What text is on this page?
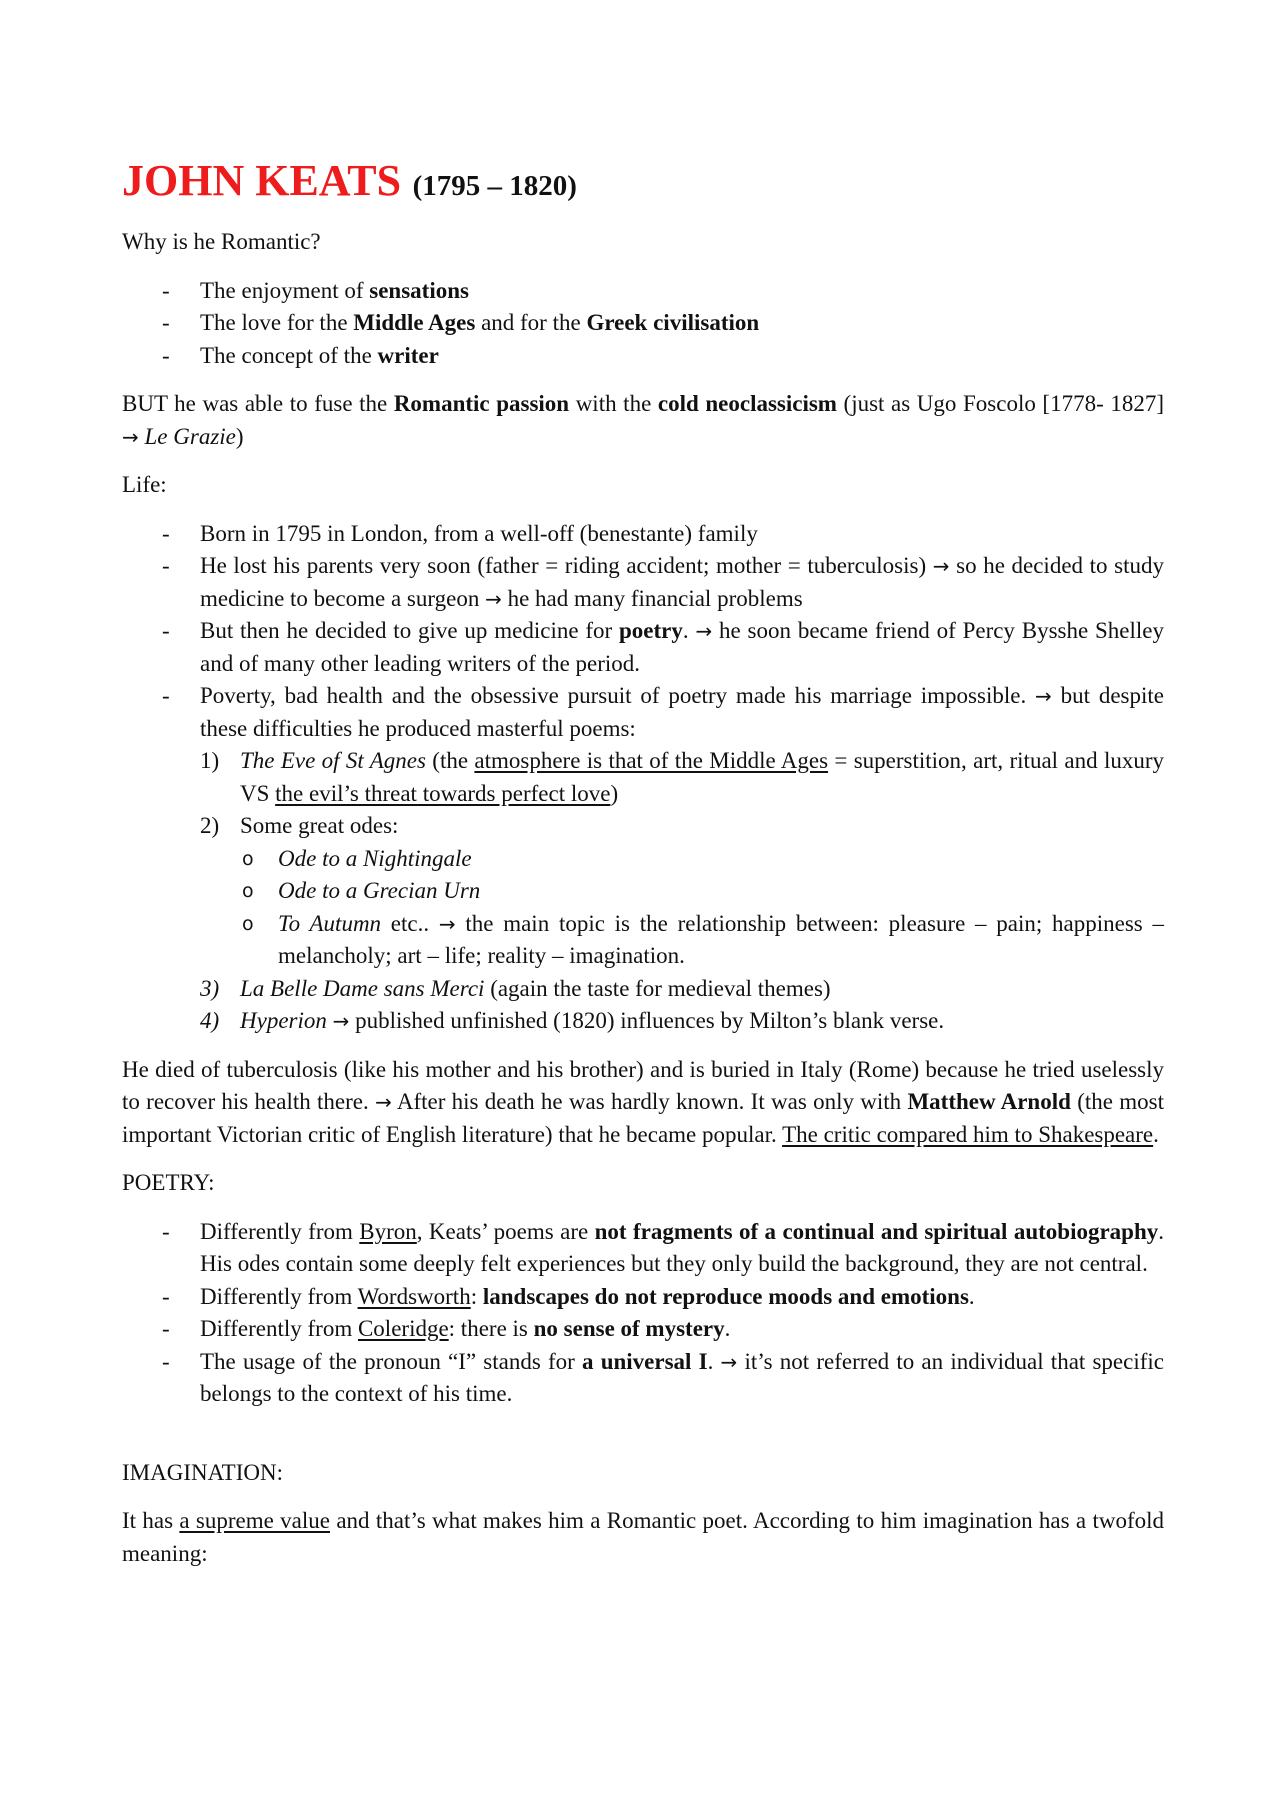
JOHN KEATS (1795 – 1820)

Why is he Romantic?

- The enjoyment of sensations
- The love for the Middle Ages and for the Greek civilisation
- The concept of the writer

BUT he was able to fuse the Romantic passion with the cold neoclassicism (just as Ugo Foscolo [1778- 1827] → Le Grazie)

Life:

- Born in 1795 in London, from a well-off (benestante) family
- He lost his parents very soon (father = riding accident; mother = tuberculosis) → so he decided to study medicine to become a surgeon → he had many financial problems
- But then he decided to give up medicine for poetry. → he soon became friend of Percy Bysshe Shelley and of many other leading writers of the period.
- Poverty, bad health and the obsessive pursuit of poetry made his marriage impossible. → but despite these difficulties he produced masterful poems:
1) The Eve of St Agnes (the atmosphere is that of the Middle Ages = superstition, art, ritual and luxury VS the evil’s threat towards perfect love)
2) Some great odes:
o Ode to a Nightingale
o Ode to a Grecian Urn
o To Autumn etc.. → the main topic is the relationship between: pleasure – pain; happiness – melancholy; art – life; reality – imagination.
3) La Belle Dame sans Merci (again the taste for medieval themes)
4) Hyperion → published unfinished (1820) influences by Milton’s blank verse.

He died of tuberculosis (like his mother and his brother) and is buried in Italy (Rome) because he tried uselessly to recover his health there. → After his death he was hardly known. It was only with Matthew Arnold (the most important Victorian critic of English literature) that he became popular. The critic compared him to Shakespeare.

POETRY:

- Differently from Byron, Keats’ poems are not fragments of a continual and spiritual autobiography. His odes contain some deeply felt experiences but they only build the background, they are not central.
- Differently from Wordsworth: landscapes do not reproduce moods and emotions.
- Differently from Coleridge: there is no sense of mystery.
- The usage of the pronoun “I” stands for a universal I. → it’s not referred to an individual that specific belongs to the context of his time.

IMAGINATION:

It has a supreme value and that’s what makes him a Romantic poet. According to him imagination has a twofold meaning:
